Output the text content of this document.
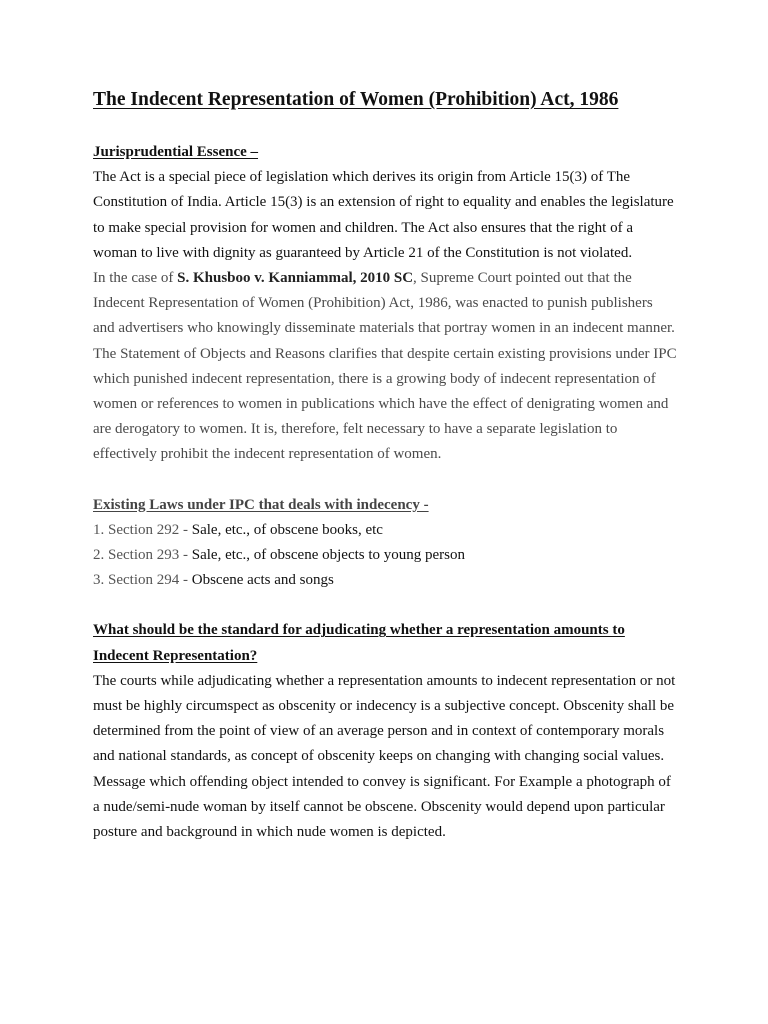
The Indecent Representation of Women (Prohibition) Act, 1986
Jurisprudential Essence –

The Act is a special piece of legislation which derives its origin from Article 15(3) of The Constitution of India. Article 15(3) is an extension of right to equality and enables the legislature to make special provision for women and children. The Act also ensures that the right of a woman to live with dignity as guaranteed by Article 21 of the Constitution is not violated.

In the case of S. Khusboo v. Kanniammal, 2010 SC, Supreme Court pointed out that the Indecent Representation of Women (Prohibition) Act, 1986, was enacted to punish publishers and advertisers who knowingly disseminate materials that portray women in an indecent manner.

The Statement of Objects and Reasons clarifies that despite certain existing provisions under IPC which punished indecent representation, there is a growing body of indecent representation of women or references to women in publications which have the effect of denigrating women and are derogatory to women. It is, therefore, felt necessary to have a separate legislation to effectively prohibit the indecent representation of women.

Existing Laws under IPC that deals with indecency -
1. Section 292 - Sale, etc., of obscene books, etc
2. Section 293 - Sale, etc., of obscene objects to young person
3. Section 294 - Obscene acts and songs
What should be the standard for adjudicating whether a representation amounts to Indecent Representation?

The courts while adjudicating whether a representation amounts to indecent representation or not must be highly circumspect as obscenity or indecency is a subjective concept. Obscenity shall be determined from the point of view of an average person and in context of contemporary morals and national standards, as concept of obscenity keeps on changing with changing social values. Message which offending object intended to convey is significant. For Example a photograph of a nude/semi-nude woman by itself cannot be obscene. Obscenity would depend upon particular posture and background in which nude women is depicted.
